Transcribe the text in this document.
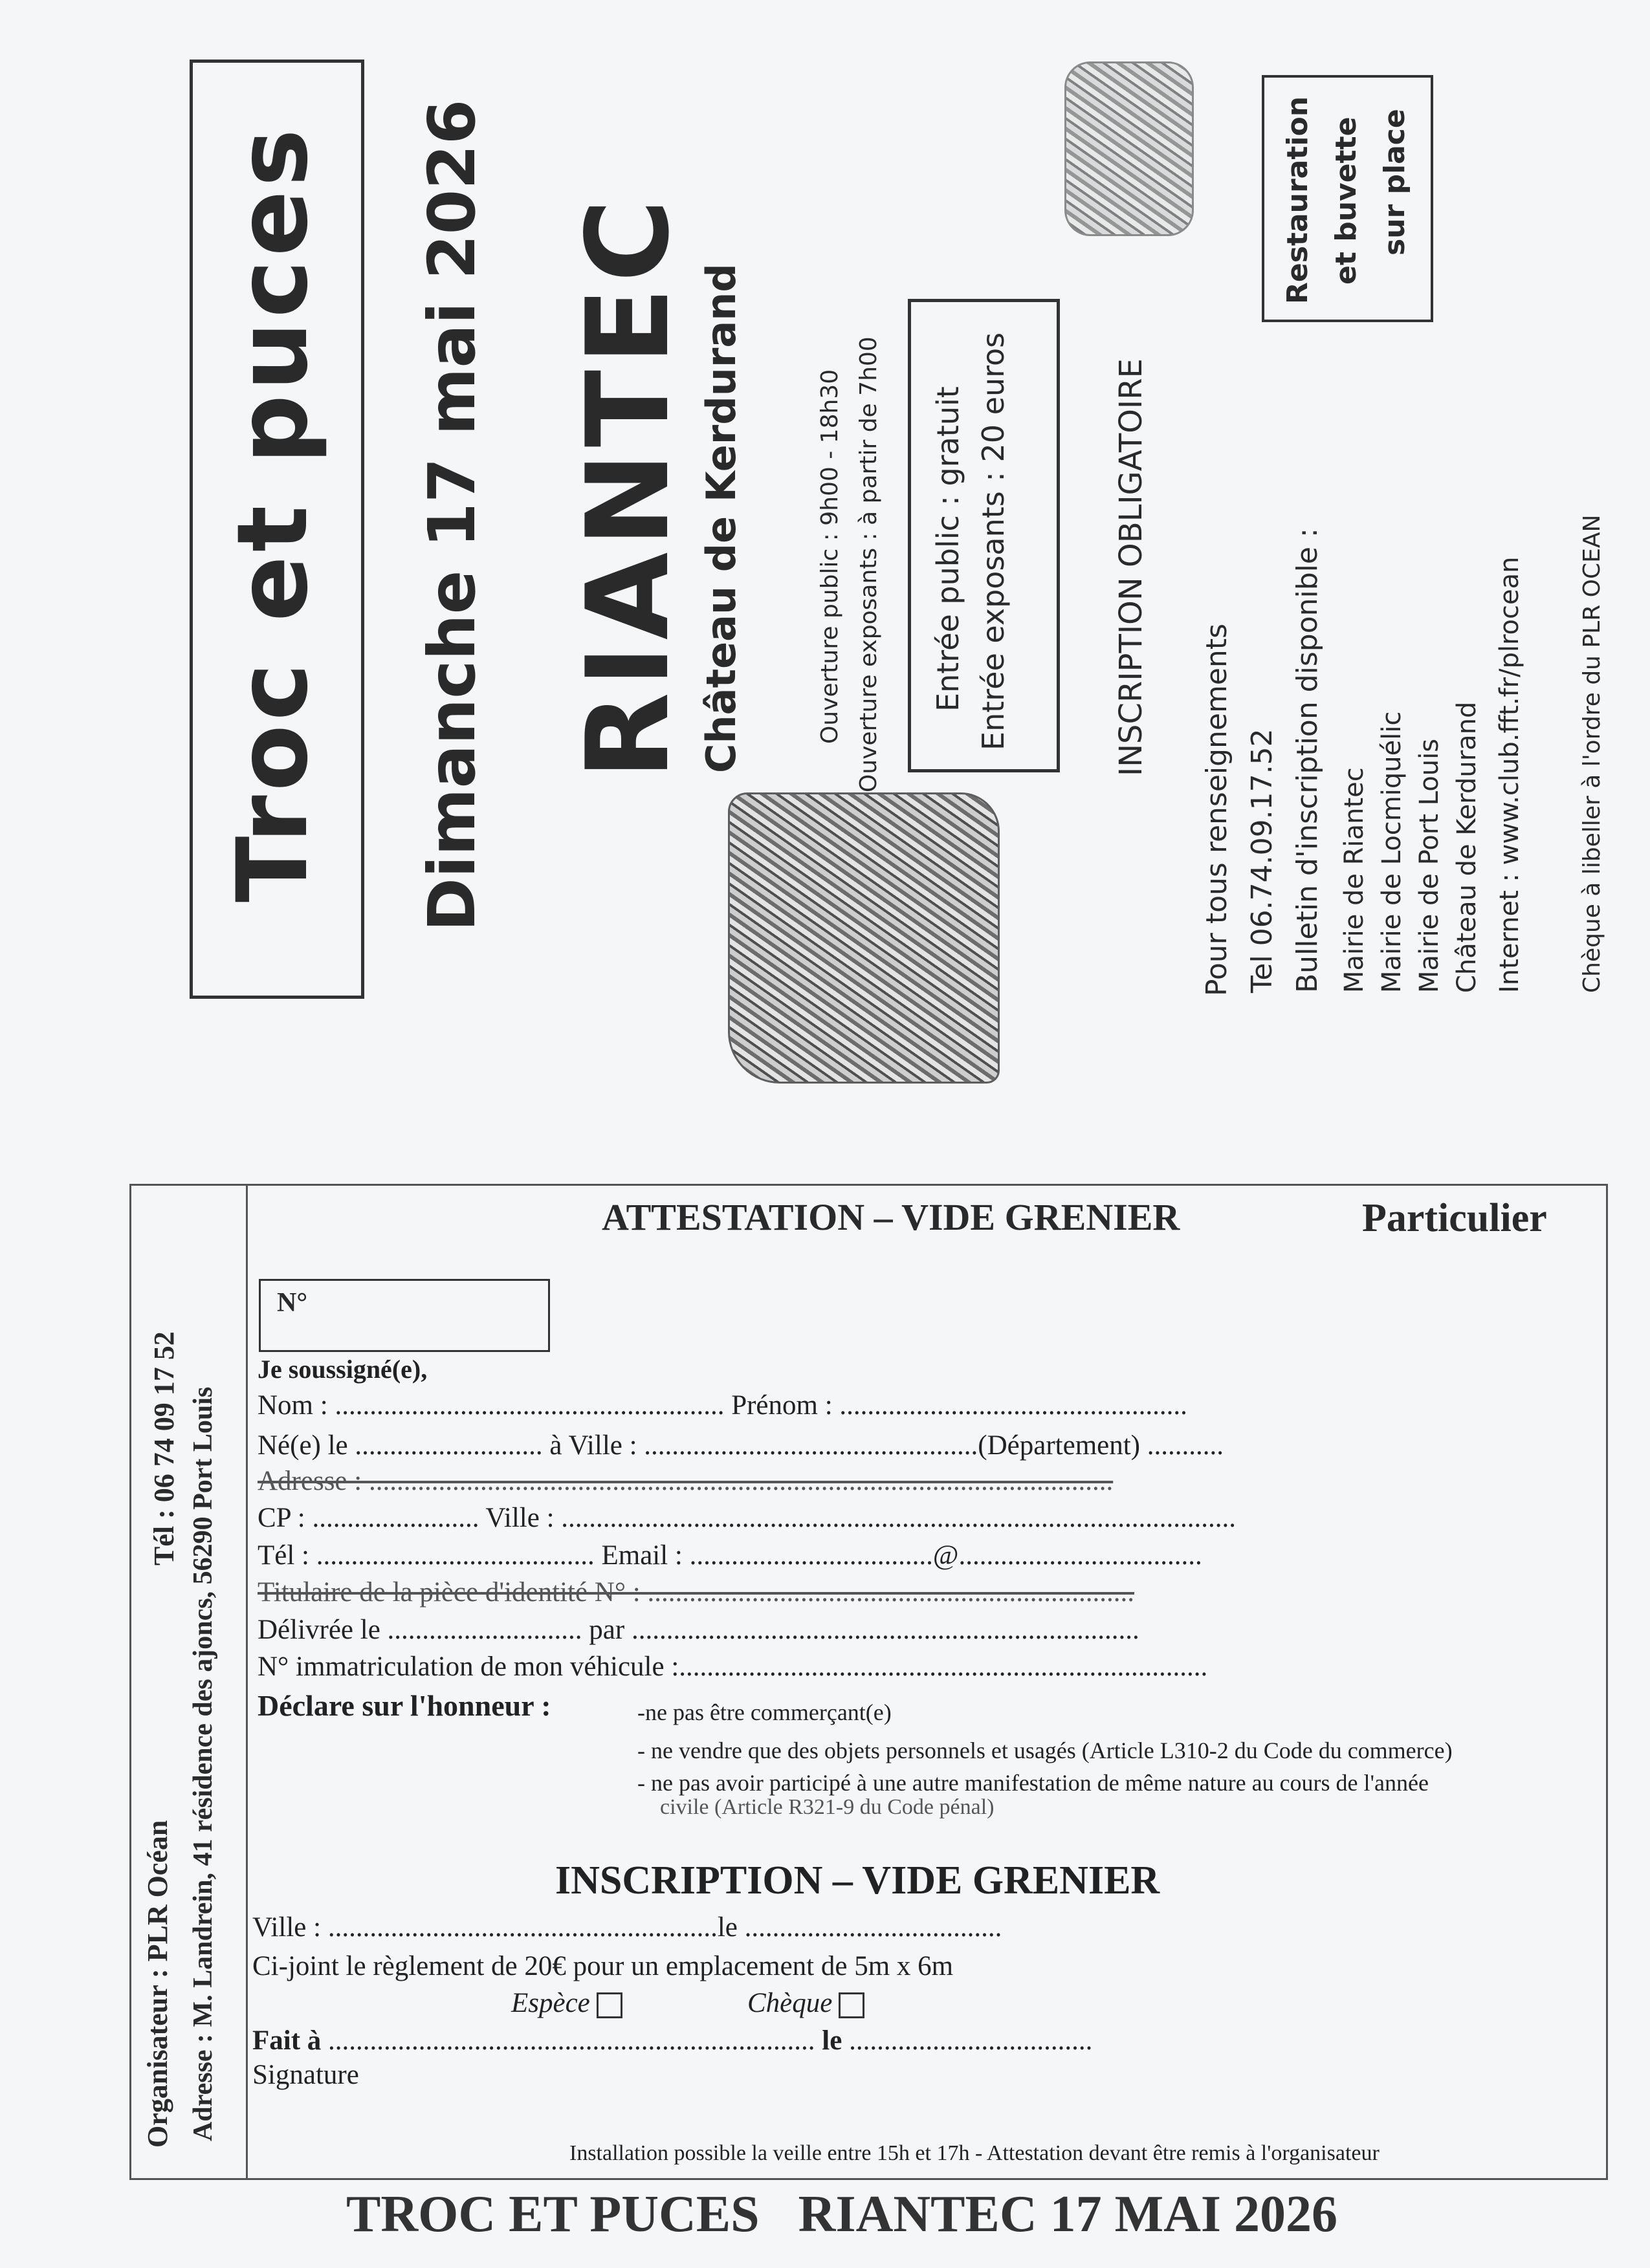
Troc et puces Dimanche 17 mai 2026 RIANTEC Château de Kerdurand	Ouverture public : 9h00 - 18h30 Ouverture exposants : à partir de 7h00 Entrée public : gratuit Entrée exposants : 20 euros	INSCRIPTION OBLIGATOIRE
Restauration et buvette sur place
Pour tous renseignements Tel 06.74.09.17.52 Bulletin d'inscription disponible : Mairie de Riantec Mairie de Locmiquélic Mairie de Port Louis Château de Kerdurand Internet : www.club.fft.fr/plrocean Chèque à libeller à l'ordre du PLR OCEAN
Organisateur : PLR Océan
Tél : 06 74 09 17 52 Adresse : M. Landrein, 41 résidence des ajoncs, 56290 Port Louis
ATTESTATION – VIDE GRENIER	Particulier
N°
Je soussigné(e),
Nom : ........................................................ Prénom : ..................................................
Né(e) le ........................... à Ville : ................................................(Département) ...........
Adresse : ...........................................................................................................
CP : ........................ Ville : .................................................................................................
Tél : ........................................ Email : ...................................@...................................
Titulaire de la pièce d'identité N° : ......................................................................
Délivrée le ............................ par .........................................................................
N° immatriculation de mon véhicule :............................................................................
Déclare sur l'honneur :	-ne pas être commerçant(e)
- ne vendre que des objets personnels et usagés (Article L310-2 du Code du commerce)
- ne pas avoir participé à une autre manifestation de même nature au cours de l'année
civile (Article R321-9 du Code pénal)
INSCRIPTION – VIDE GRENIER
Ville : ........................................................le .....................................
Ci-joint le règlement de 20€ pour un emplacement de 5m x 6m
Espèce	Chèque
Fait à ...................................................................... le ...................................
Signature
Installation possible la veille entre 15h et 17h - Attestation devant être remis à l'organisateur
TROC ET PUCES   RIANTEC 17 MAI 2026
